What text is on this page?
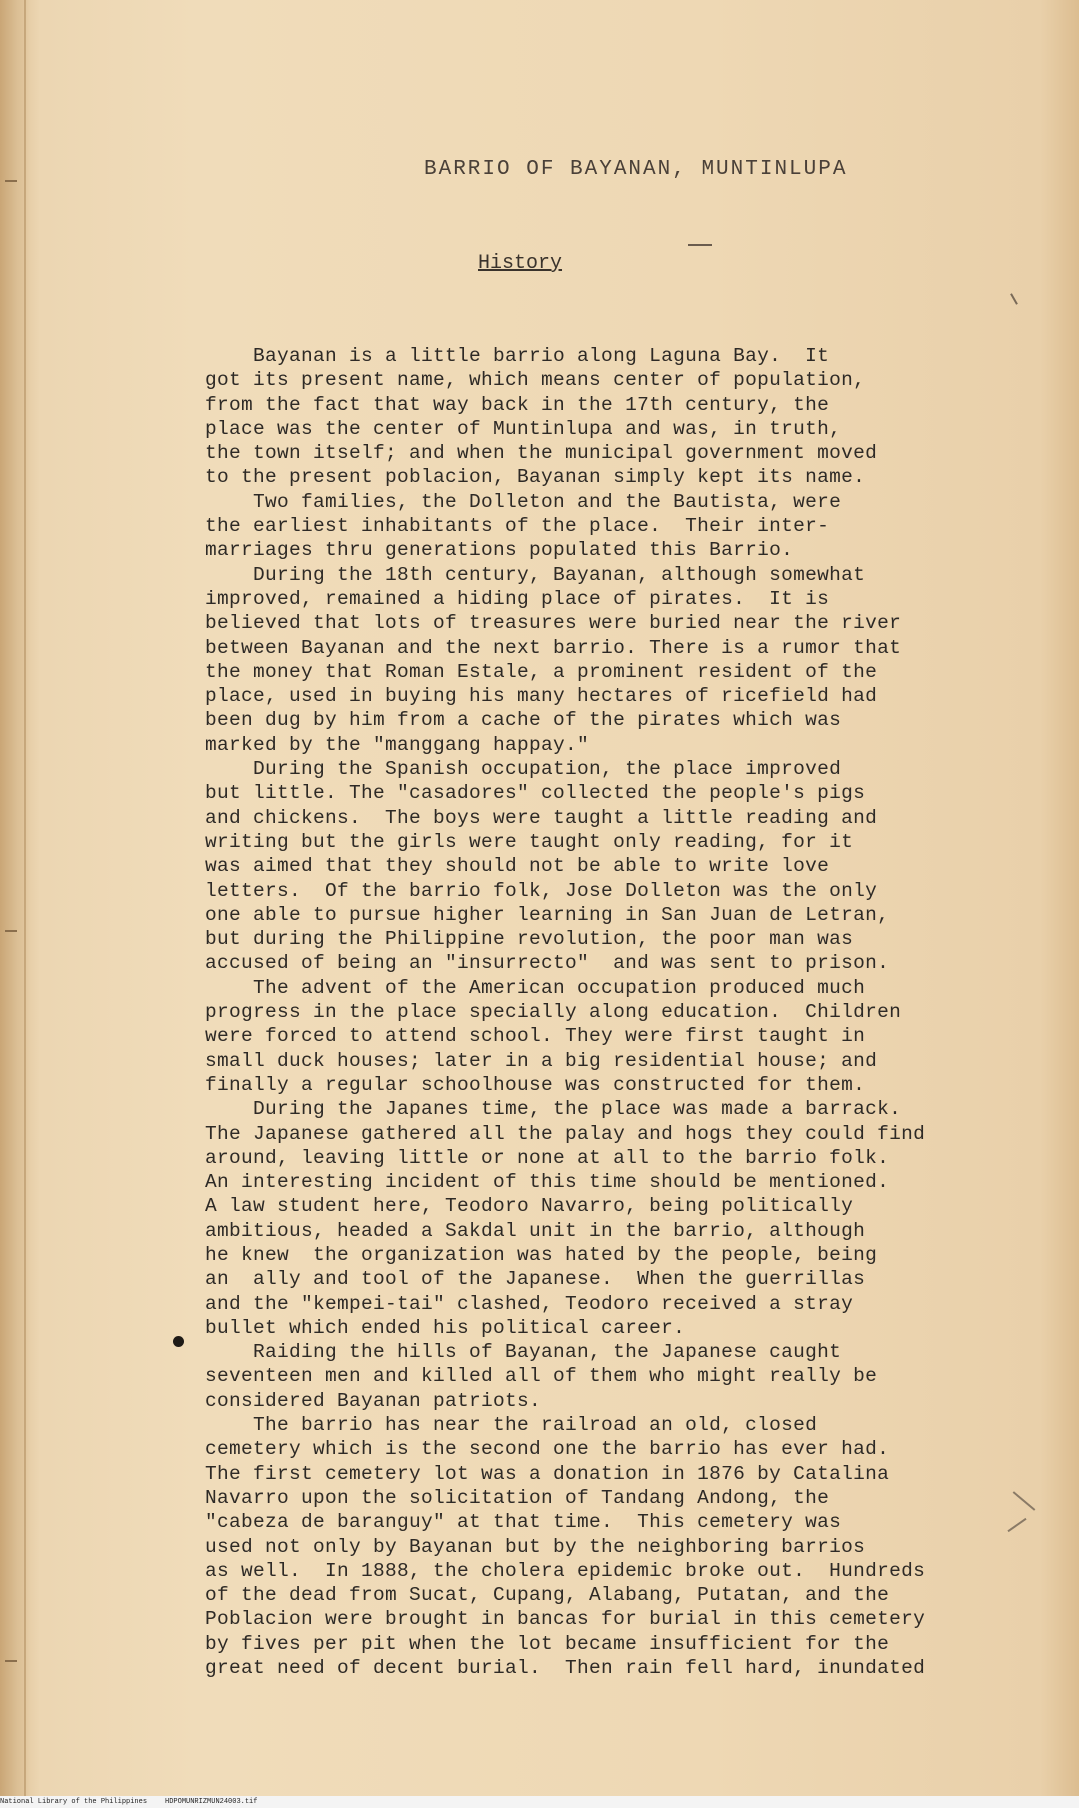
BARRIO OF BAYANAN, MUNTINLUPA
History
Bayanan is a little barrio along Laguna Bay.  It
got its present name, which means center of population,
from the fact that way back in the 17th century, the
place was the center of Muntinlupa and was, in truth,
the town itself; and when the municipal government moved
to the present poblacion, Bayanan simply kept its name.
Two families, the Dolleton and the Bautista, were
the earliest inhabitants of the place.  Their inter-
marriages thru generations populated this Barrio.
During the 18th century, Bayanan, although somewhat
improved, remained a hiding place of pirates.  It is
believed that lots of treasures were buried near the river
between Bayanan and the next barrio. There is a rumor that
the money that Roman Estale, a prominent resident of the
place, used in buying his many hectares of ricefield had
been dug by him from a cache of the pirates which was
marked by the "manggang happay."
During the Spanish occupation, the place improved
but little. The "casadores" collected the people's pigs
and chickens.  The boys were taught a little reading and
writing but the girls were taught only reading, for it
was aimed that they should not be able to write love
letters.  Of the barrio folk, Jose Dolleton was the only
one able to pursue higher learning in San Juan de Letran,
but during the Philippine revolution, the poor man was
accused of being an "insurrecto"  and was sent to prison.
The advent of the American occupation produced much
progress in the place specially along education.  Children
were forced to attend school. They were first taught in
small duck houses; later in a big residential house; and
finally a regular schoolhouse was constructed for them.
During the Japanes time, the place was made a barrack.
The Japanese gathered all the palay and hogs they could find
around, leaving little or none at all to the barrio folk.
An interesting incident of this time should be mentioned.
A law student here, Teodoro Navarro, being politically
ambitious, headed a Sakdal unit in the barrio, although
he knew  the organization was hated by the people, being
an  ally and tool of the Japanese.  When the guerrillas
and the "kempei-tai" clashed, Teodoro received a stray
bullet which ended his political career.
Raiding the hills of Bayanan, the Japanese caught
seventeen men and killed all of them who might really be
considered Bayanan patriots.
The barrio has near the railroad an old, closed
cemetery which is the second one the barrio has ever had.
The first cemetery lot was a donation in 1876 by Catalina
Navarro upon the solicitation of Tandang Andong, the
"cabeza de baranguy" at that time.  This cemetery was
used not only by Bayanan but by the neighboring barrios
as well.  In 1888, the cholera epidemic broke out.  Hundreds
of the dead from Sucat, Cupang, Alabang, Putatan, and the
Poblacion were brought in bancas for burial in this cemetery
by fives per pit when the lot became insufficient for the
great need of decent burial.  Then rain fell hard, inundated
National Library of the Philippines	HDPOMUNRIZMUN24003.tif
